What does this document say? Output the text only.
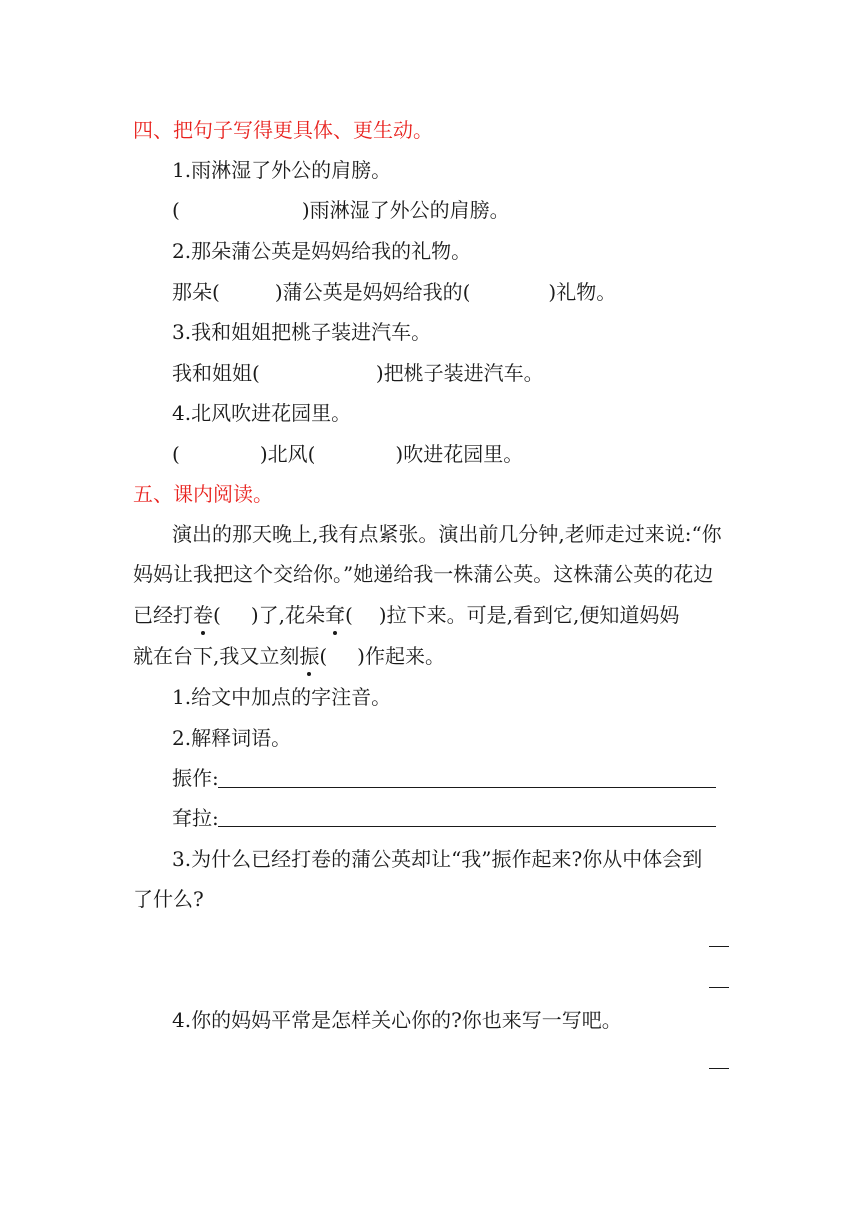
四、把句子写得更具体、更生动。
1.雨淋湿了外公的肩膀。
(	)雨淋湿了外公的肩膀。
2.那朵蒲公英是妈妈给我的礼物。
那朵(	)蒲公英是妈妈给我的(	)礼物。
3.我和姐姐把桃子装进汽车。
我和姐姐(	)把桃子装进汽车。
4.北风吹进花园里。
(	)北风(	)吹进花园里。
五、课内阅读。
演出的那天晚上,我有点紧张。演出前几分钟,老师走过来说:“你
妈妈让我把这个交给你。”她递给我一株蒲公英。这株蒲公英的花边
已经打卷( )了,花朵耷( )拉下来。可是,看到它,便知道妈妈
就在台下,我又立刻振( )作起来。
1.给文中加点的字注音。
2.解释词语。
振作:
耷拉:
3.为什么已经打卷的蒲公英却让“我”振作起来?你从中体会到
了什么?
4.你的妈妈平常是怎样关心你的?你也来写一写吧。
